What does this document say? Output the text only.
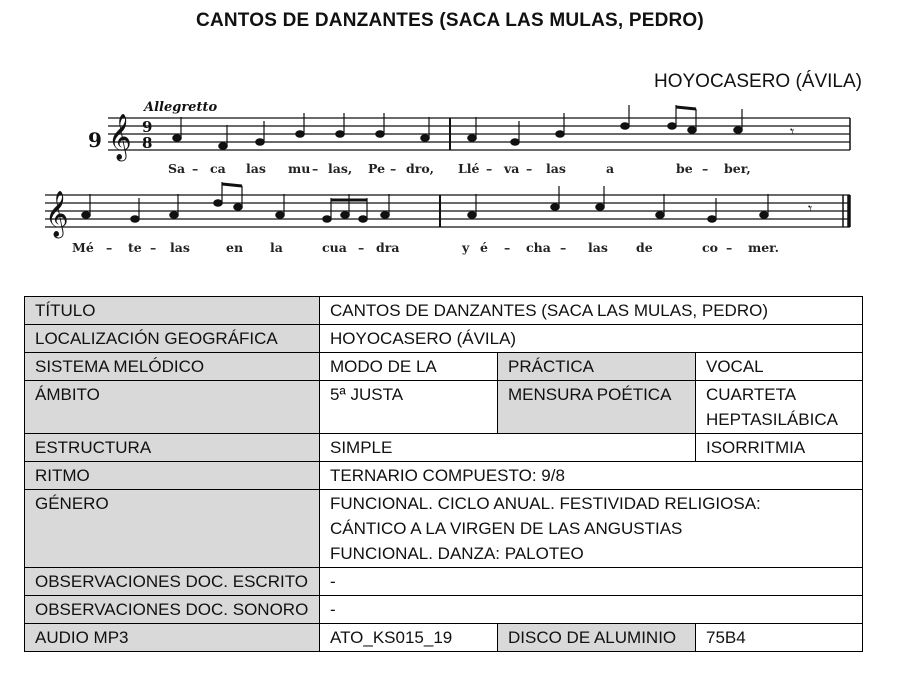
CANTOS DE DANZANTES (SACA LAS MULAS, PEDRO)
HOYOCASERO (ÁVILA)
9
Allegretto
𝄞 9
8
𝄾
Sa – ca las mu – las, Pe – dro, Llé – va – las	a	be – ber,
𝄞	𝄾
Mé – te – las	en la	cua – dra	y é – cha – las de	co – mer.
TÍTULO	CANTOS DE DANZANTES (SACA LAS MULAS, PEDRO)		
LOCALIZACIÓN GEOGRÁFICA	HOYOCASERO (ÁVILA)		
SISTEMA MELÓDICO	MODO DE LA	PRÁCTICA	VOCAL
ÁMBITO	5ª JUSTA	MENSURA POÉTICA	CUARTETA HEPTASILÁBICA
ESTRUCTURA	SIMPLE		ISORRITMIA
RITMO	TERNARIO COMPUESTO: 9/8		
GÉNERO	FUNCIONAL. CICLO ANUAL. FESTIVIDAD RELIGIOSA:
CÁNTICO A LA VIRGEN DE LAS ANGUSTIAS
FUNCIONAL. DANZA: PALOTEO		

OBSERVACIONES DOC. ESCRITO	-		
OBSERVACIONES DOC. SONORO	-		
AUDIO MP3	ATO_KS015_19	DISCO DE ALUMINIO	75B4
